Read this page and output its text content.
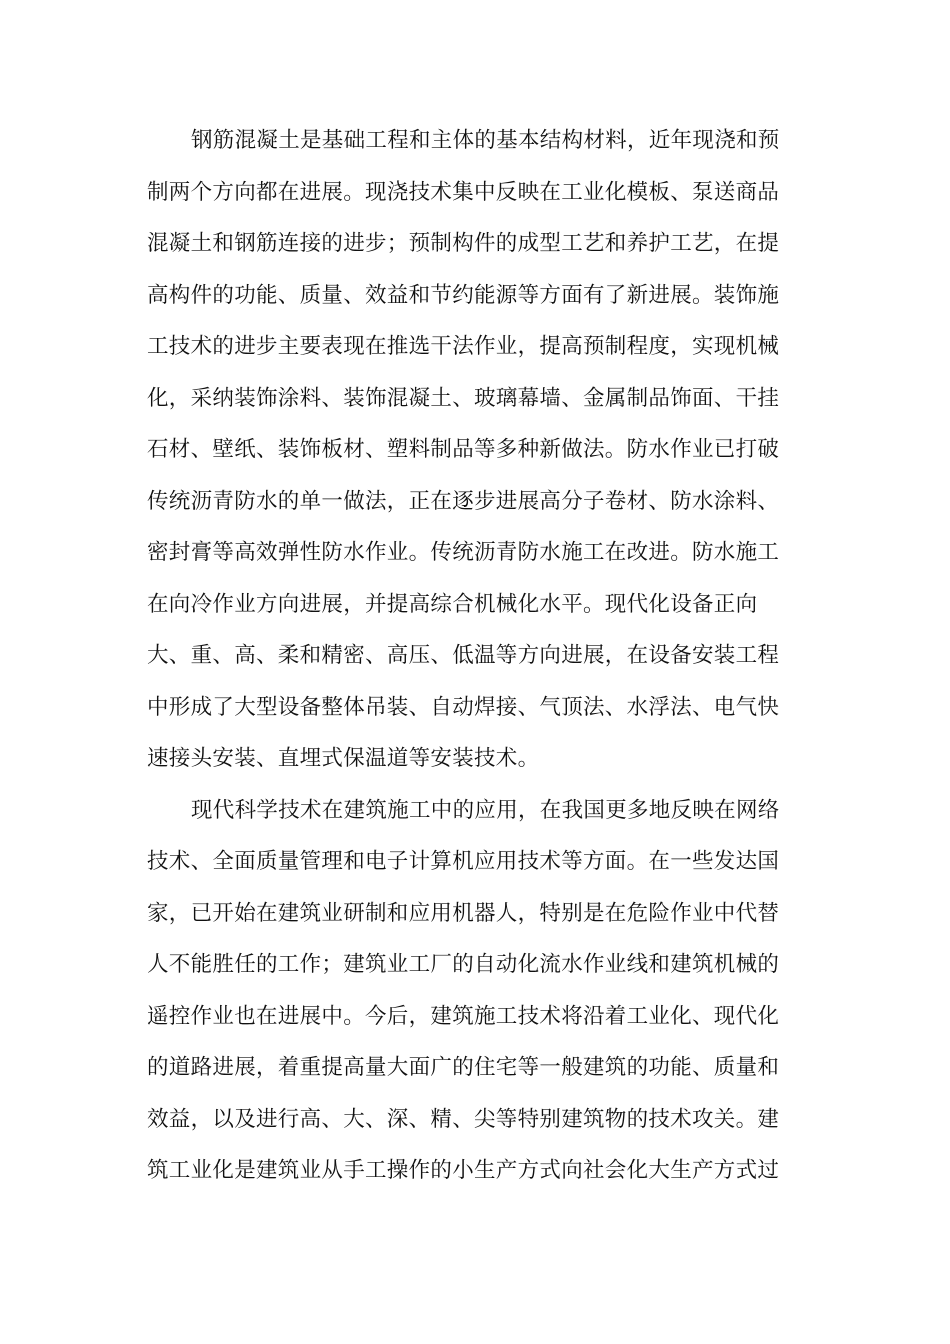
钢筋混凝土是基础工程和主体的基本结构材料，近年现浇和预
制两个方向都在进展。现浇技术集中反映在工业化模板、泵送商品
混凝土和钢筋连接的进步；预制构件的成型工艺和养护工艺，在提
高构件的功能、质量、效益和节约能源等方面有了新进展。装饰施
工技术的进步主要表现在推选干法作业，提高预制程度，实现机械
化，采纳装饰涂料、装饰混凝土、玻璃幕墙、金属制品饰面、干挂
石材、壁纸、装饰板材、塑料制品等多种新做法。防水作业已打破
传统沥青防水的单一做法，正在逐步进展高分子卷材、防水涂料、
密封膏等高效弹性防水作业。传统沥青防水施工在改进。防水施工
在向冷作业方向进展，并提高综合机械化水平。现代化设备正向
大、重、高、柔和精密、高压、低温等方向进展，在设备安装工程
中形成了大型设备整体吊装、自动焊接、气顶法、水浮法、电气快
速接头安装、直埋式保温道等安装技术。
现代科学技术在建筑施工中的应用，在我国更多地反映在网络
技术、全面质量管理和电子计算机应用技术等方面。在一些发达国
家，已开始在建筑业研制和应用机器人，特别是在危险作业中代替
人不能胜任的工作；建筑业工厂的自动化流水作业线和建筑机械的
遥控作业也在进展中。今后，建筑施工技术将沿着工业化、现代化
的道路进展，着重提高量大面广的住宅等一般建筑的功能、质量和
效益，以及进行高、大、深、精、尖等特别建筑物的技术攻关。建
筑工业化是建筑业从手工操作的小生产方式向社会化大生产方式过
